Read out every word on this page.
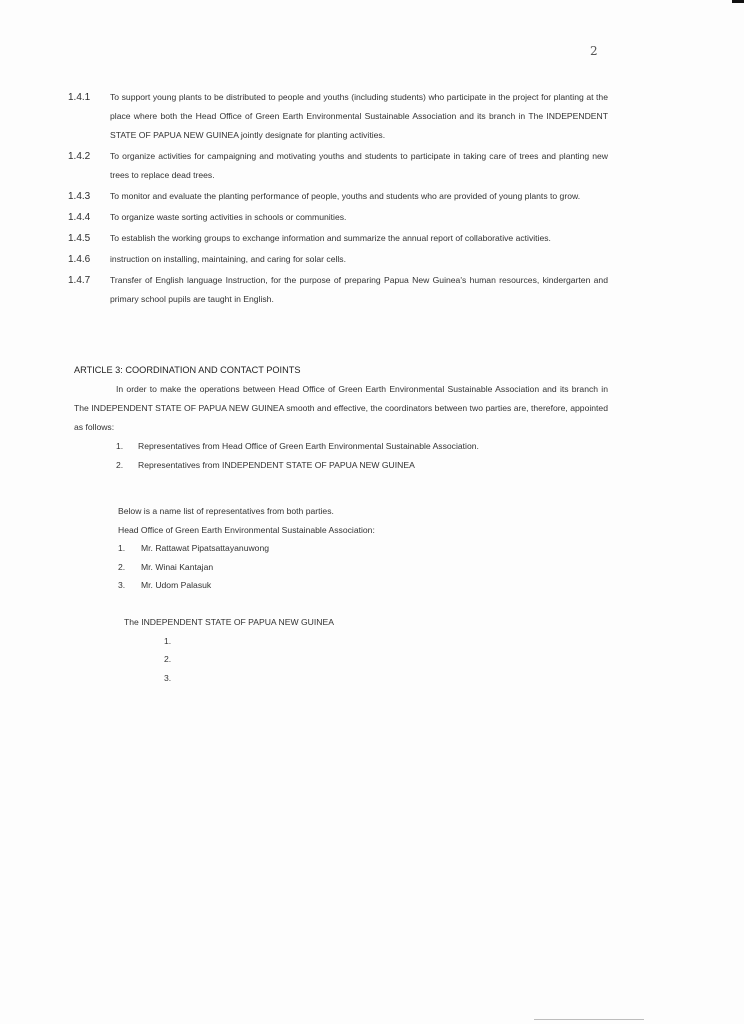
2
1.4.1	To support young plants to be distributed to people and youths (including students) who participate in the project for planting at the place where both the Head Office of Green Earth Environmental Sustainable Association and its branch in The INDEPENDENT STATE OF PAPUA NEW GUINEA jointly designate for planting activities.
1.4.2	To organize activities for campaigning and motivating youths and students to participate in taking care of trees and planting new trees to replace dead trees.
1.4.3	To monitor and evaluate the planting performance of people, youths and students who are provided of young plants to grow.
1.4.4	To organize waste sorting activities in schools or communities.
1.4.5	To establish the working groups to exchange information and summarize the annual report of collaborative activities.
1.4.6	instruction on installing, maintaining, and caring for solar cells.
1.4.7	Transfer of English language Instruction, for the purpose of preparing Papua New Guinea's human resources, kindergarten and primary school pupils are taught in English.
ARTICLE 3: COORDINATION AND CONTACT POINTS
In order to make the operations between Head Office of Green Earth Environmental Sustainable Association and its branch in The INDEPENDENT STATE OF PAPUA NEW GUINEA smooth and effective, the coordinators between two parties are, therefore, appointed as follows:
1.	Representatives from Head Office of Green Earth Environmental Sustainable Association.
2.	Representatives from INDEPENDENT STATE OF PAPUA NEW GUINEA
Below is a name list of representatives from both parties.
Head Office of Green Earth Environmental Sustainable Association:
1.	Mr. Rattawat Pipatsattayanuwong
2.	Mr. Winai Kantajan
3.	Mr. Udom Palasuk
The INDEPENDENT STATE OF PAPUA NEW GUINEA
1.
2.
3.
